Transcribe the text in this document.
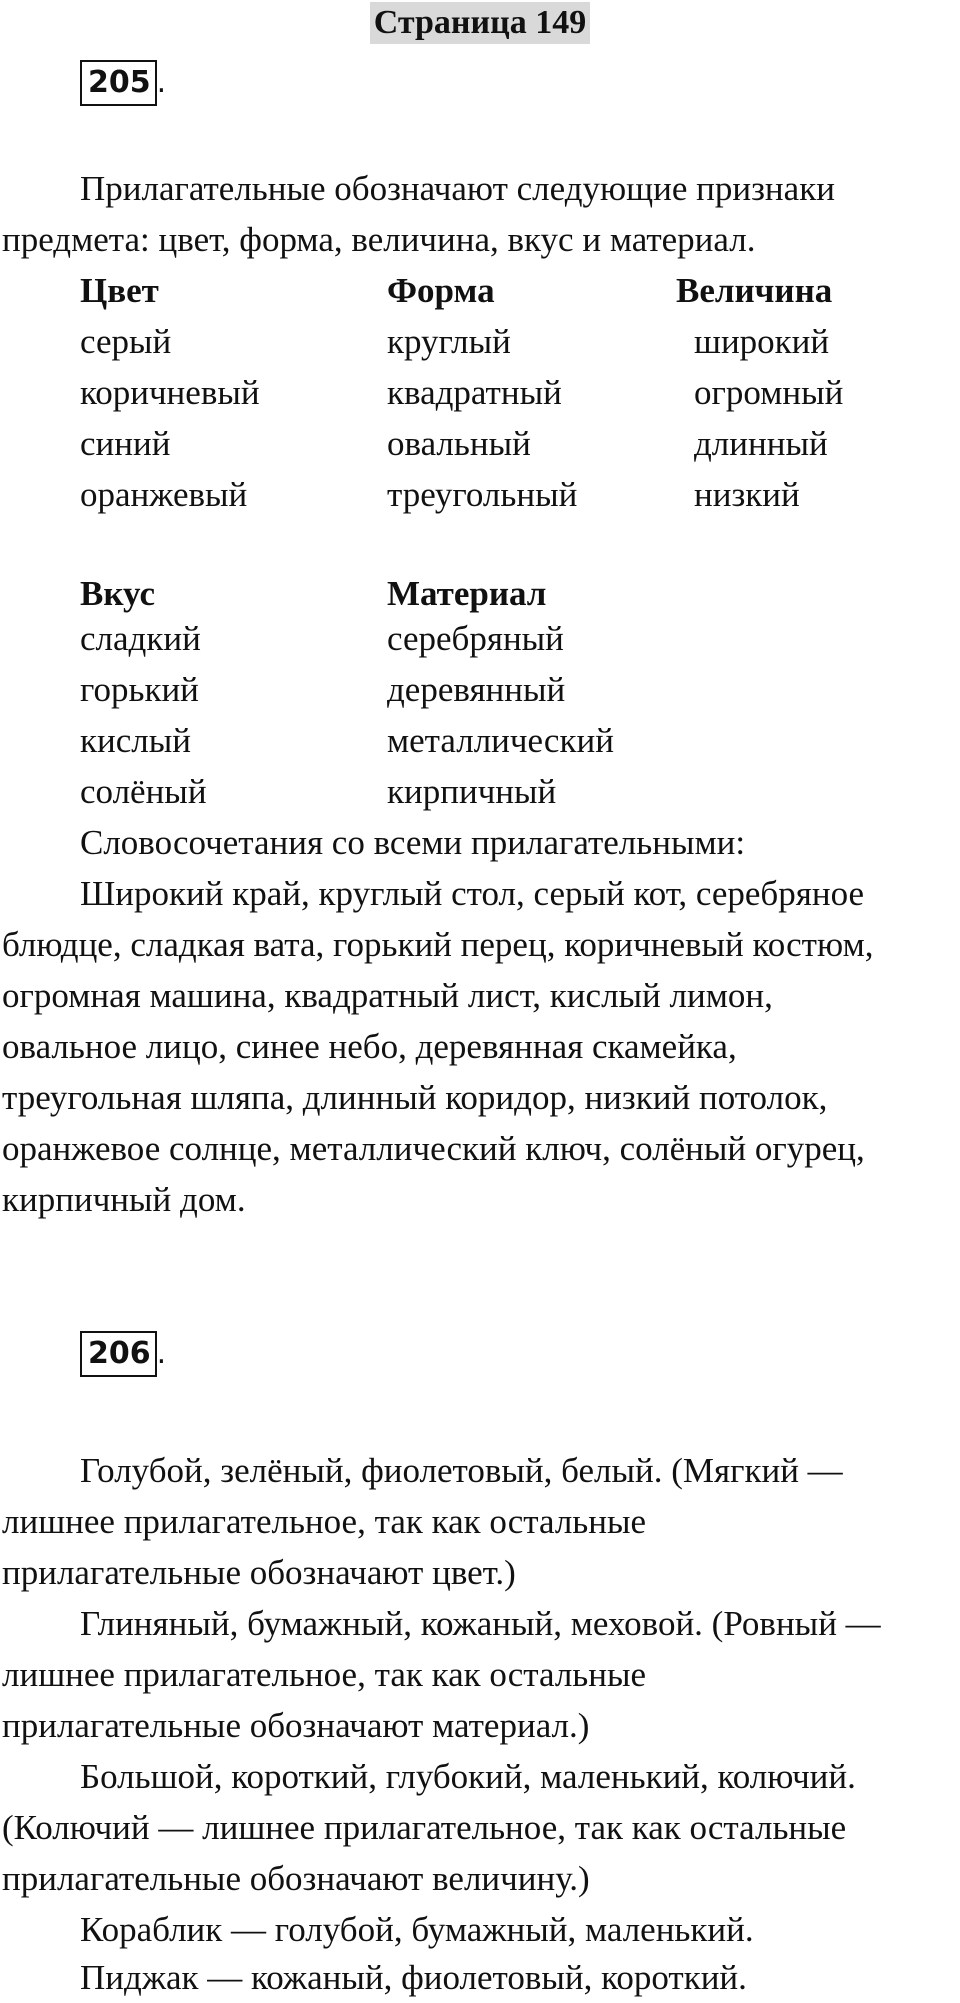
Страница 149
205 .
Прилагательные обозначают следующие признаки
предмета: цвет, форма, величина, вкус и материал.
Цвет	Форма	Величина
серый	круглый	широкий
коричневый	квадратный	огромный
синий	овальный	длинный
оранжевый	треугольный	низкий
Вкус	Материал
сладкий	серебряный
горький	деревянный
кислый	металлический
солёный	кирпичный
Словосочетания со всеми прилагательными:
Широкий край, круглый стол, серый кот, серебряное
блюдце, сладкая вата, горький перец, коричневый костюм,
огромная машина, квадратный лист, кислый лимон,
овальное лицо, синее небо, деревянная скамейка,
треугольная шляпа, длинный коридор, низкий потолок,
оранжевое солнце, металлический ключ, солёный огурец,
кирпичный дом.
206 .
Голубой, зелёный, фиолетовый, белый. (Мягкий —
лишнее прилагательное, так как остальные
прилагательные обозначают цвет.)
Глиняный, бумажный, кожаный, меховой. (Ровный —
лишнее прилагательное, так как остальные
прилагательные обозначают материал.)
Большой, короткий, глубокий, маленький, колючий.
(Колючий — лишнее прилагательное, так как остальные
прилагательные обозначают величину.)
Кораблик — голубой, бумажный, маленький.
Пиджак — кожаный, фиолетовый, короткий.
